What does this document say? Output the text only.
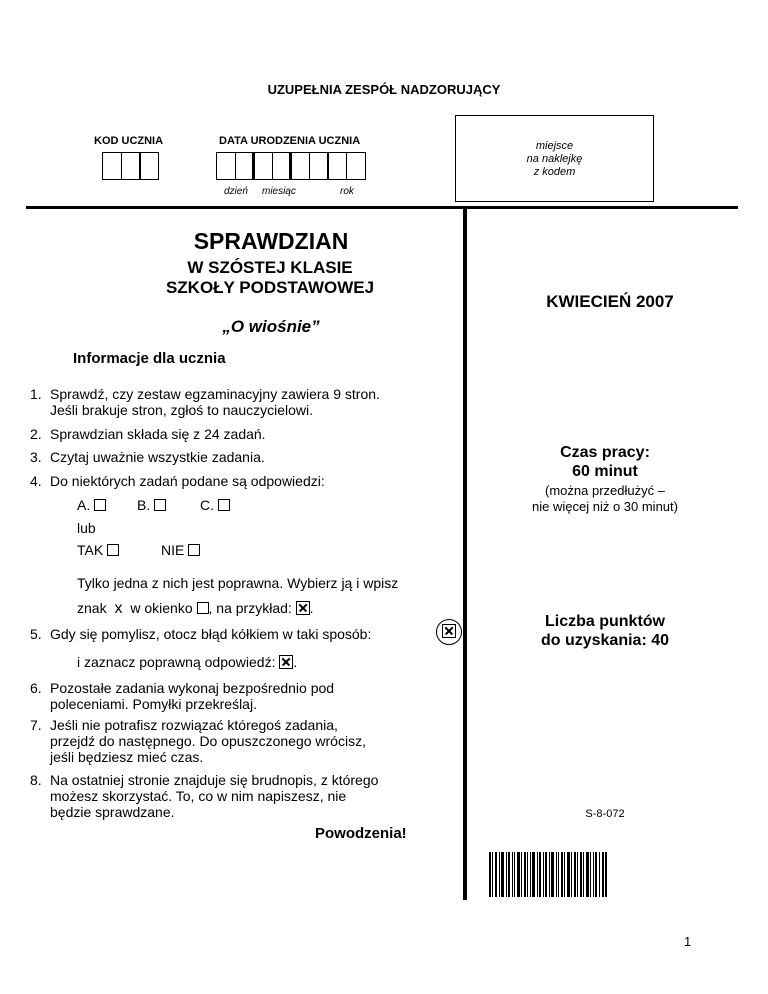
UZUPEŁNIA ZESPÓŁ NADZORUJĄCY
KOD UCZNIA	DATA URODZENIA UCZNIA
dzień miesiąc	rok
miejsce
na naklejkę
z kodem
SPRAWDZIAN
W SZÓSTEJ KLASIE
SZKOŁY PODSTAWOWEJ
„O wiośnie”
KWIECIEŃ 2007
Informacje dla ucznia
1. Sprawdź, czy zestaw egzaminacyjny zawiera 9 stron.
Jeśli brakuje stron, zgłoś to nauczycielowi.
2. Sprawdzian składa się z 24 zadań.
3. Czytaj uważnie wszystkie zadania.
4. Do niektórych zadań podane są odpowiedzi:
A.	B.	C.
lub
TAK	NIE
Tylko jedna z nich jest poprawna. Wybierz ją i wpisz
znak x w okienko , na przykład: .
5. Gdy się pomylisz, otocz błąd kółkiem w taki sposób:
i zaznacz poprawną odpowiedź: .
6. Pozostałe zadania wykonaj bezpośrednio pod
poleceniami. Pomyłki przekreślaj.
7. Jeśli nie potrafisz rozwiązać któregoś zadania,
przejdź do następnego. Do opuszczonego wrócisz,
jeśli będziesz mieć czas.
8. Na ostatniej stronie znajduje się brudnopis, z którego
możesz skorzystać. To, co w nim napiszesz, nie
będzie sprawdzane.
Powodzenia!
Czas pracy:
60 minut
(można przedłużyć –
nie więcej niż o 30 minut)
Liczba punktów
do uzyskania: 40
S-8-072
1
